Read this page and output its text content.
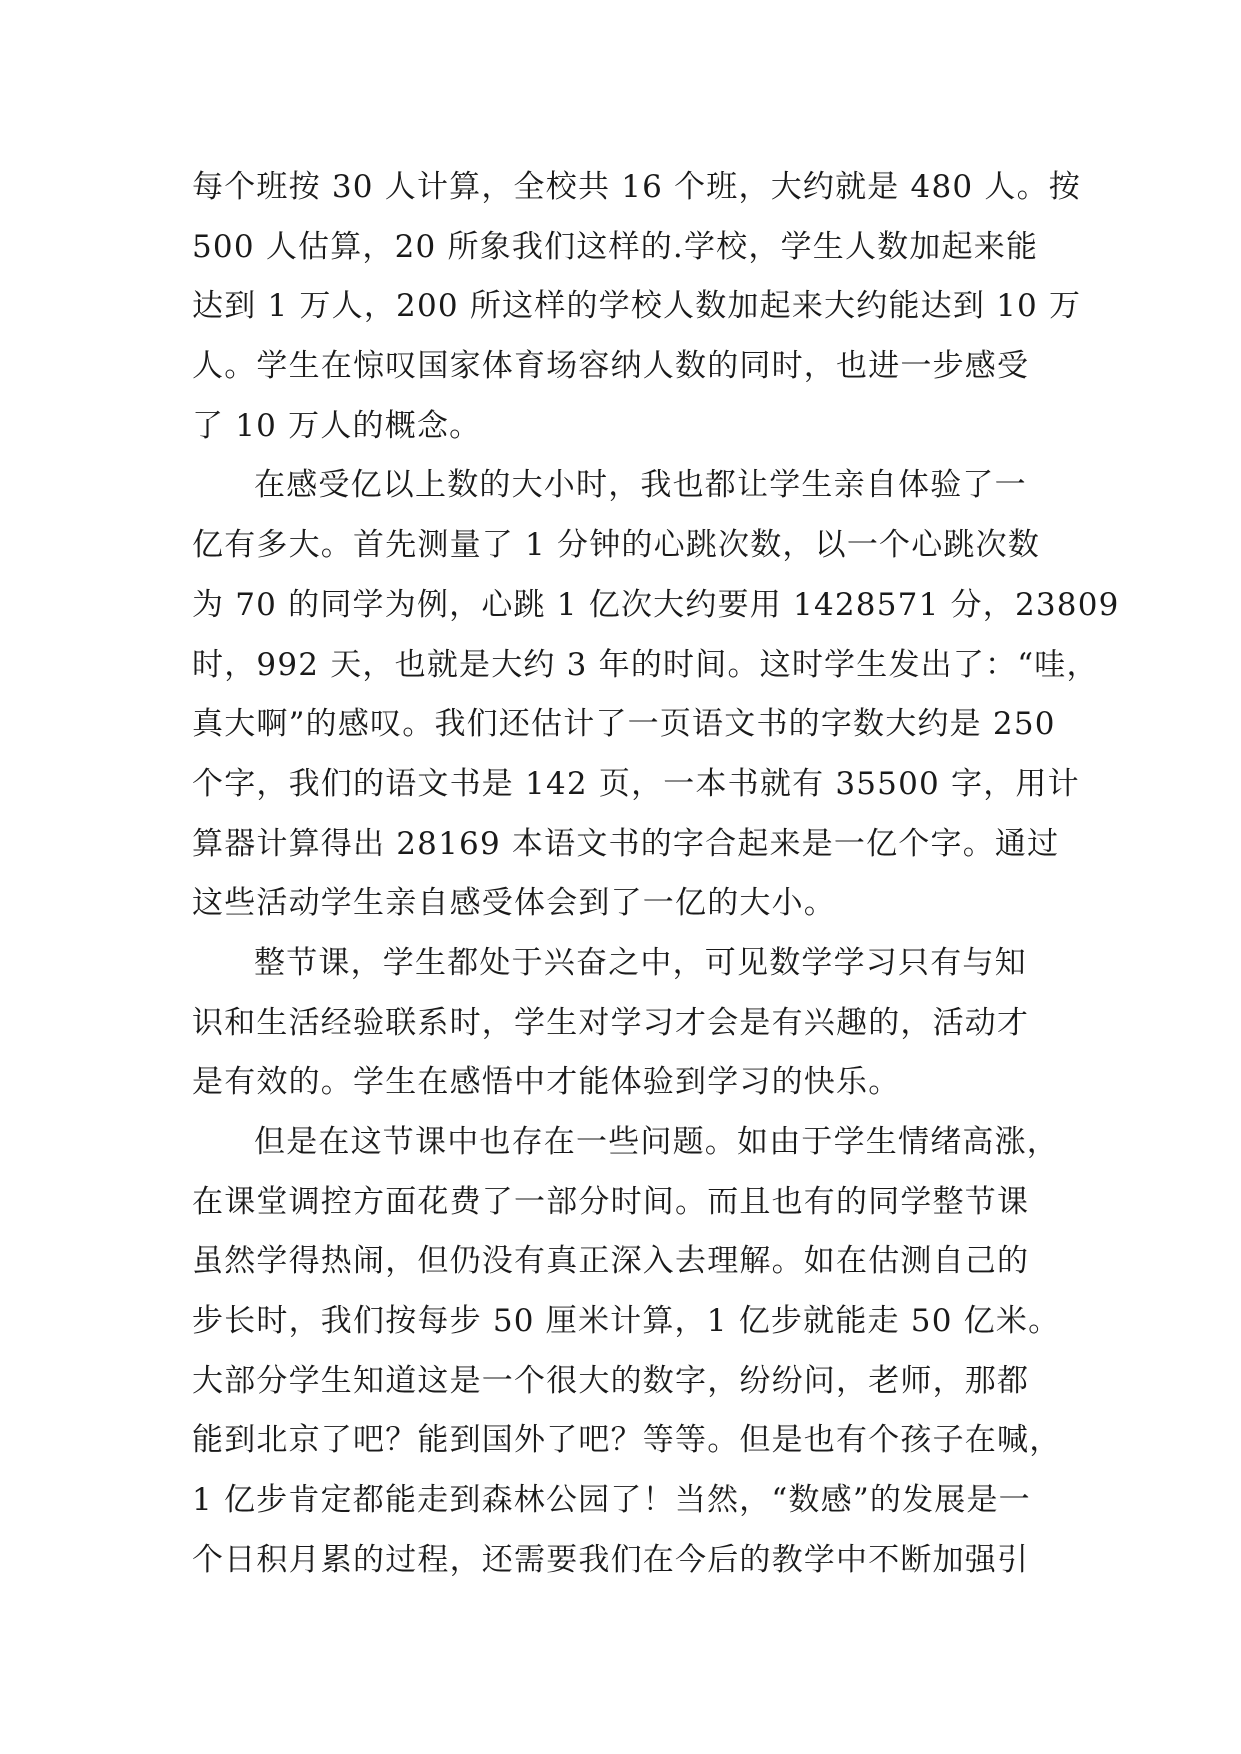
每个班按 30 人计算，全校共 16 个班，大约就是 480 人。按
500 人估算，20 所象我们这样的.学校，学生人数加起来能
达到 1 万人，200 所这样的学校人数加起来大约能达到 10 万
人。学生在惊叹国家体育场容纳人数的同时，也进一步感受
了 10 万人的概念。
在感受亿以上数的大小时，我也都让学生亲自体验了一
亿有多大。首先测量了 1 分钟的心跳次数，以一个心跳次数
为 70 的同学为例，心跳 1 亿次大约要用 1428571 分，23809
时，992 天，也就是大约 3 年的时间。这时学生发出了：“哇，
真大啊”的感叹。我们还估计了一页语文书的字数大约是 250
个字，我们的语文书是 142 页，一本书就有 35500 字，用计
算器计算得出 28169 本语文书的字合起来是一亿个字。通过
这些活动学生亲自感受体会到了一亿的大小。
整节课，学生都处于兴奋之中，可见数学学习只有与知
识和生活经验联系时，学生对学习才会是有兴趣的，活动才
是有效的。学生在感悟中才能体验到学习的快乐。
但是在这节课中也存在一些问题。如由于学生情绪高涨，
在课堂调控方面花费了一部分时间。而且也有的同学整节课
虽然学得热闹，但仍没有真正深入去理解。如在估测自己的
步长时，我们按每步 50 厘米计算，1 亿步就能走 50 亿米。
大部分学生知道这是一个很大的数字，纷纷问，老师，那都
能到北京了吧？能到国外了吧？等等。但是也有个孩子在喊，
1 亿步肯定都能走到森林公园了！当然，“数感”的发展是一
个日积月累的过程，还需要我们在今后的教学中不断加强引
